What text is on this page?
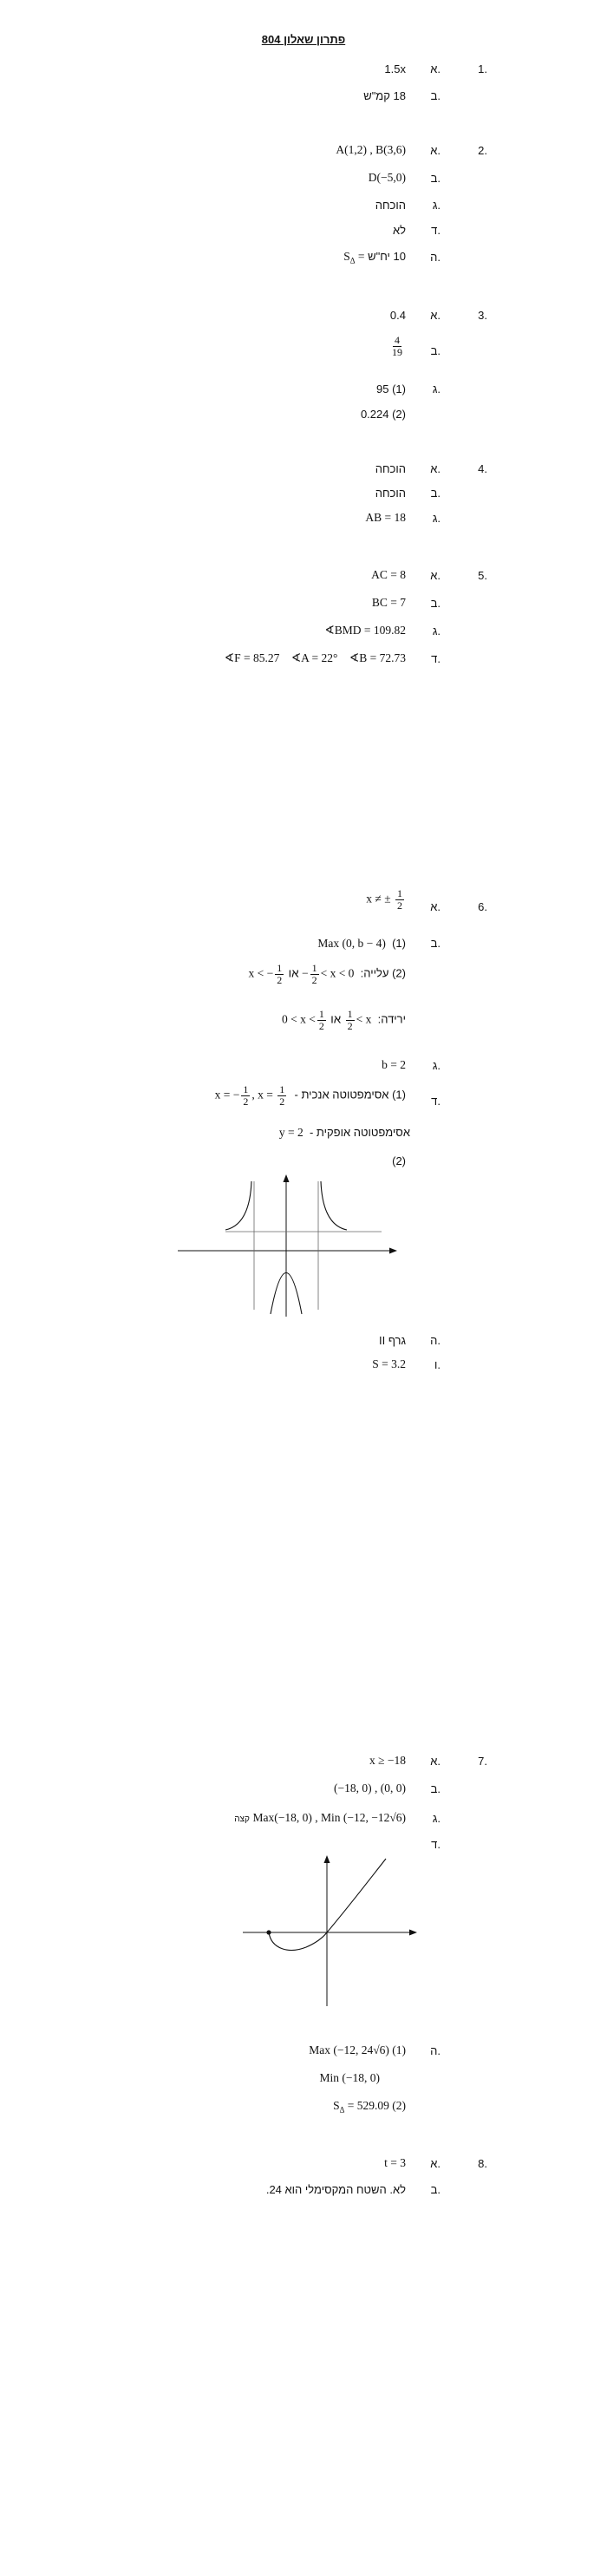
פתרון שאלון 804
1.
א.
1.5x
ב.
18 קמ"ש
2.
א.
A(1,2) , B(3,6)
ב.
D(−5,0)
ג.
הוכחה
ד.
לא
ה.
10 יח"ש $S_\Delta$ =
3.
א.
0.4
ב.
$\frac{4}{19}$
ג.
95 (1)
0.224 (2)
4.
א.
הוכחה
ב.
הוכחה
ג.
AB = 18
5.
א.
AC = 8
ב.
BC = 7
ג.
∢BMD = 109.82
ד.
∢F = 85.27    ∢A = 22°    ∢B = 72.73
6.
א.
x ≠ ± $\frac{1}{2}$
ב.
(1)  Max (0, b − 4)
(2) עלייה:  x < − $\frac{1}{2}$ או − $\frac{1}{2} < x < 0$
ירידה:  $0 < x < \frac{1}{2}$ או $\frac{1}{2} < x$
ג.
b = 2
ד.
(1) אסימפטוטה אנכית -  x = − $\frac{1}{2}$ , $x = \frac{1}{2}$
אסימפטוטה אופקית -  y = 2
(2)
ה.
גרף II
ו.
S = 3.2
7.
א.
x ≥ −18
ב.
(−18, 0) , (0, 0)
ג.
Max(−18, 0) , Min (−12, −12√6) קצה
ד.
ה.
Max (−12, 24√6) (1)
Min (−18, 0)
$S_\Delta = 529.09$ (2)
8.
א.
t = 3
ב.
לא. השטח המקסימלי הוא 24.
